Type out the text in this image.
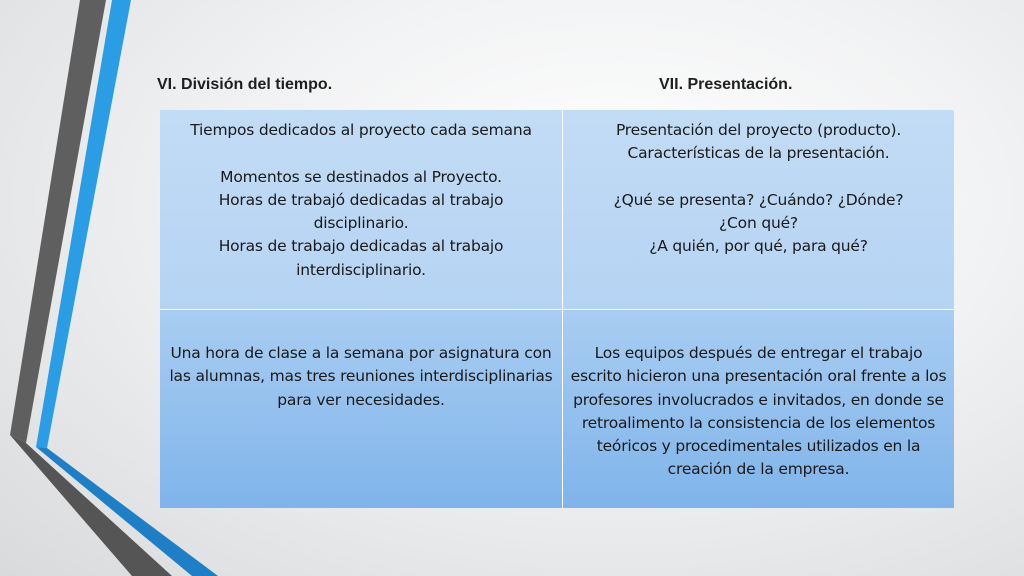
VI. División del tiempo.	VII. Presentación.
Tiempos dedicados al proyecto cada semana
Momentos se destinados al Proyecto.
Horas de trabajó dedicadas al trabajo disciplinario.
Horas de trabajo dedicadas al trabajo interdisciplinario.
Presentación del proyecto (producto).
Características de la presentación.
¿Qué se presenta? ¿Cuándo? ¿Dónde? ¿Con qué?
¿A quién, por qué, para qué?
Una hora de clase a la semana por asignatura con las alumnas, mas tres reuniones interdisciplinarias para ver necesidades.
Los equipos después de entregar el trabajo escrito hicieron una presentación oral frente a los profesores involucrados e invitados, en donde se retroalimento la consistencia de los elementos teóricos y procedimentales utilizados en la creación de la empresa.
